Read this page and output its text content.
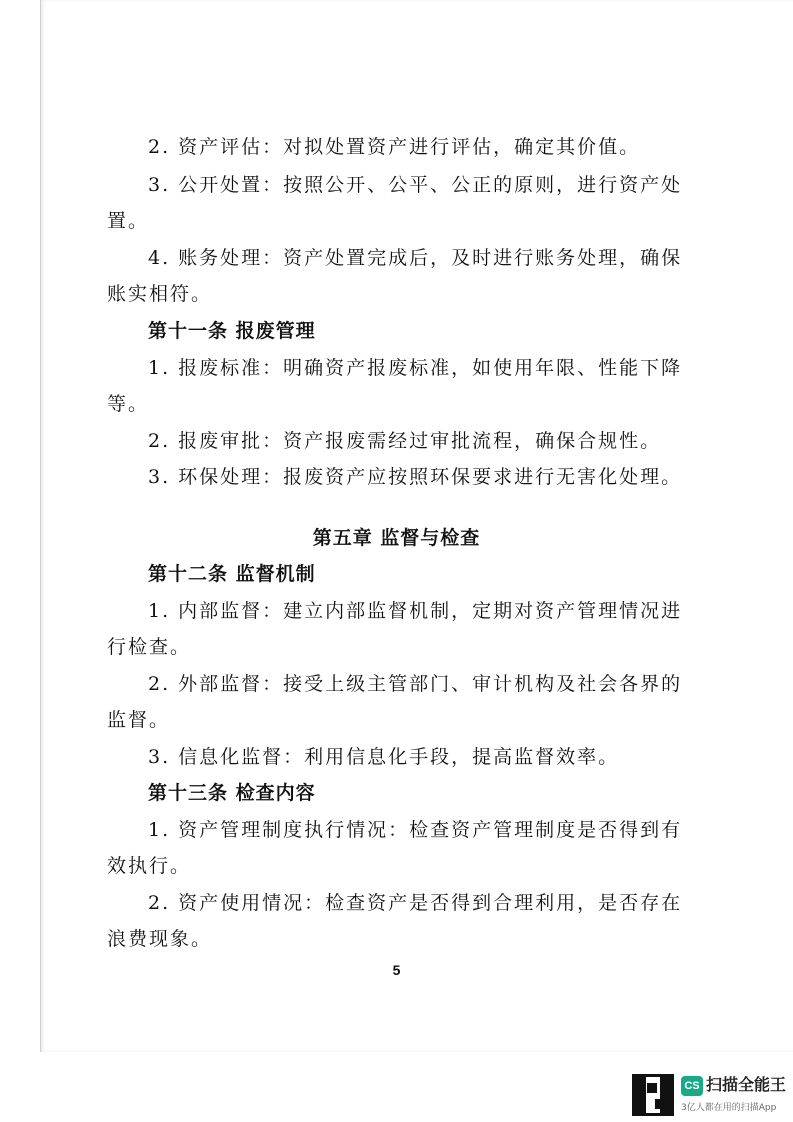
2. 资产评估：对拟处置资产进行评估，确定其价值。
3. 公开处置：按照公开、公平、公正的原则，进行资产处
置。
4. 账务处理：资产处置完成后，及时进行账务处理，确保
账实相符。
第十一条 报废管理
1. 报废标准：明确资产报废标准，如使用年限、性能下降
等。
2. 报废审批：资产报废需经过审批流程，确保合规性。
3. 环保处理：报废资产应按照环保要求进行无害化处理。
第五章 监督与检查
第十二条 监督机制
1. 内部监督：建立内部监督机制，定期对资产管理情况进
行检查。
2. 外部监督：接受上级主管部门、审计机构及社会各界的
监督。
3. 信息化监督：利用信息化手段，提高监督效率。
第十三条 检查内容
1. 资产管理制度执行情况：检查资产管理制度是否得到有
效执行。
2. 资产使用情况：检查资产是否得到合理利用，是否存在
浪费现象。
5
CS 扫描全能王
3亿人都在用的扫描App
